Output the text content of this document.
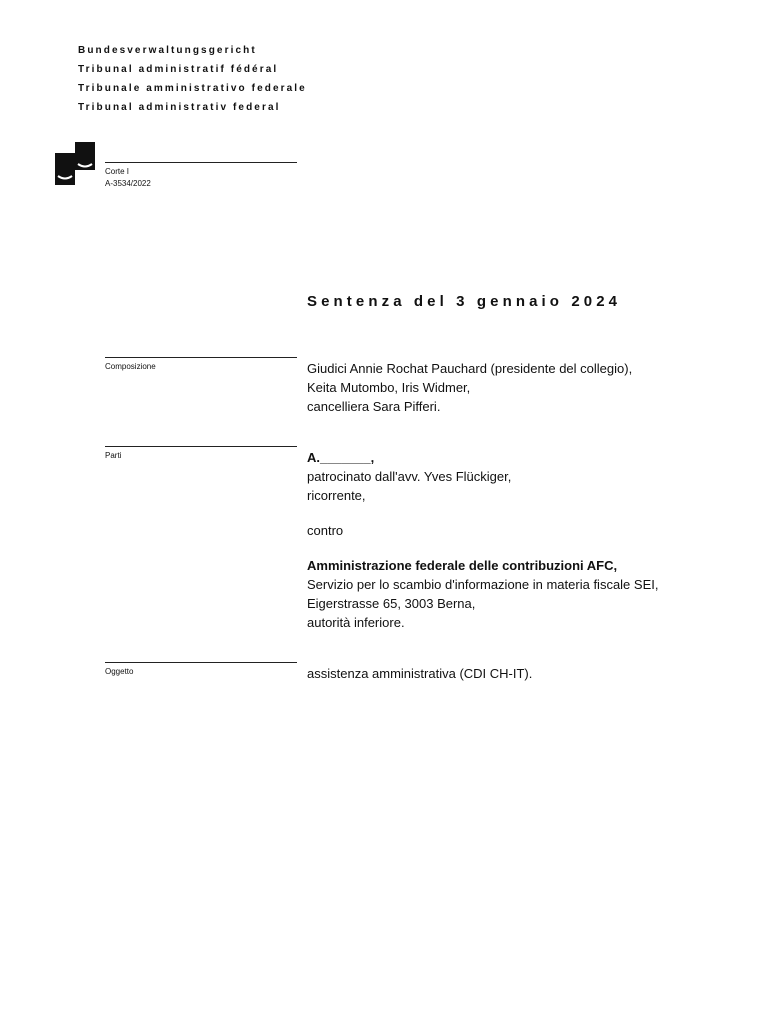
Bundesverwaltungsgericht
Tribunal administratif fédéral
Tribunale amministrativo federale
Tribunal administrativ federal
Corte I
A-3534/2022
Sentenza del 3 gennaio 2024
Composizione	Giudici Annie Rochat Pauchard (presidente del collegio),
Keita Mutombo, Iris Widmer,
cancelliera Sara Pifferi.
Parti	A._______,
patrocinato dall'avv. Yves Flückiger,
ricorrente,
contro
Amministrazione federale delle contribuzioni AFC,
Servizio per lo scambio d'informazione in materia fiscale SEI,
Eigerstrasse 65, 3003 Berna,
autorità inferiore.
Oggetto	assistenza amministrativa (CDI CH-IT).
